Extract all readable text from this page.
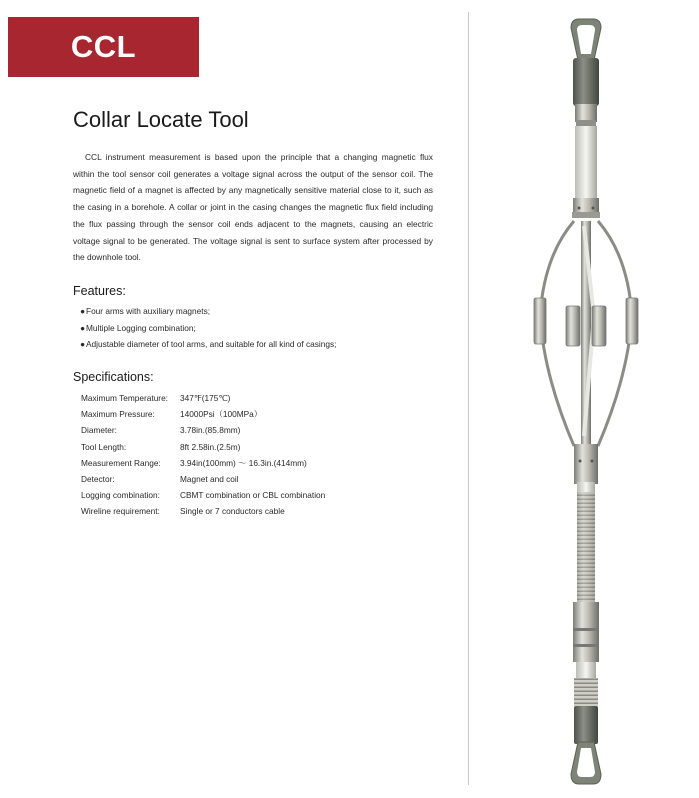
CCL
Collar Locate Tool

CCL instrument measurement is based upon the principle that a changing magnetic flux within the tool sensor coil generates a voltage signal across the output of the sensor coil. The magnetic field of a magnet is affected by any magnetically sensitive material close to it, such as the casing in a borehole. A collar or joint in the casing changes the magnetic flux field including the flux passing through the sensor coil ends adjacent to the magnets, causing an electric voltage signal to be generated. The voltage signal is sent to surface system after processed by the downhole tool.

Features:
●Four arms with auxiliary magnets;
●Multiple Logging combination;
●Adjustable diameter of tool arms, and suitable for all kind of casings;
Specifications:
Maximum Temperature:	347℉(175℃)
Maximum Pressure:	14000Psi（100MPa）
Diameter:	3.78in.(85.8mm)
Tool Length:	8ft 2.58in.(2.5m)
Measurement Range:	3.94in(100mm) ～ 16.3in.(414mm)
Detector:	Magnet and coil
Logging combination:	CBMT combination or CBL combination
Wireline requirement:	Single or 7 conductors cable
